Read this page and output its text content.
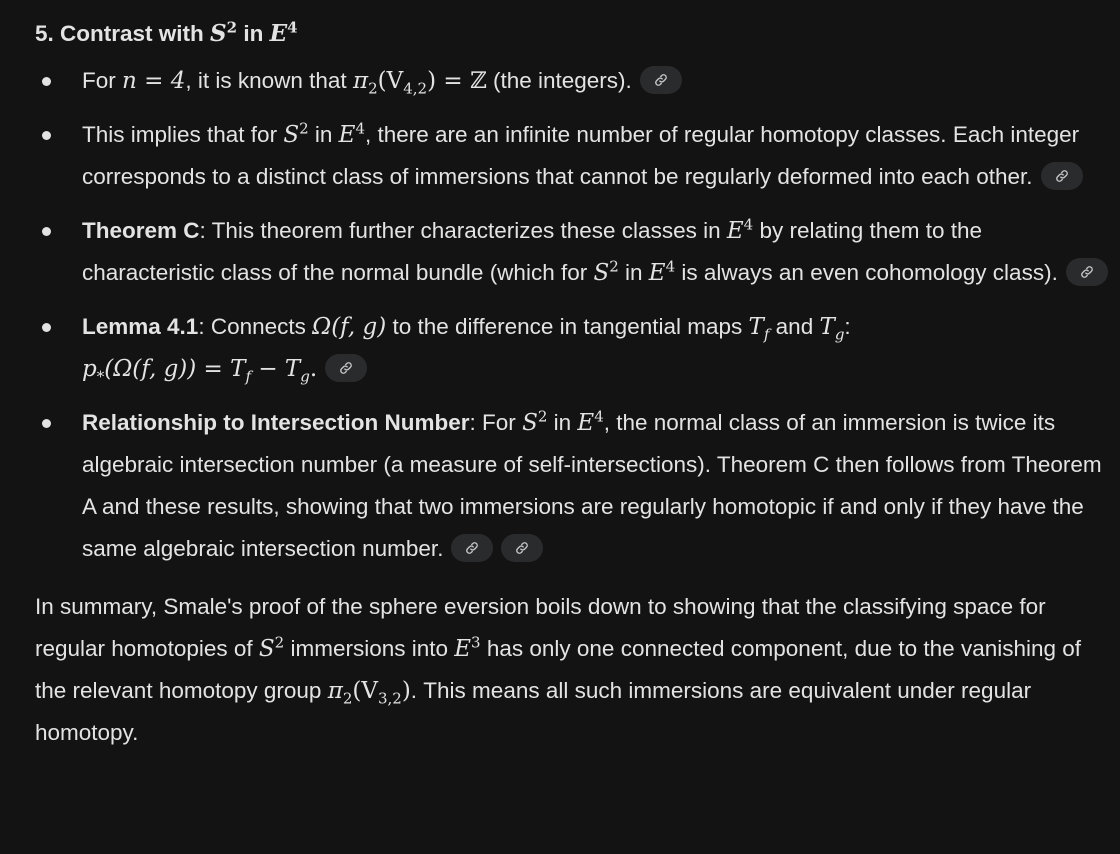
5. Contrast with $S^2$ in $E^4$
For n = 4, it is known that $\pi_2(V_{4,2})$ = ℤ (the integers).
This implies that for $S^2$ in $E^4$, there are an infinite number of regular homotopy classes. Each integer corresponds to a distinct class of immersions that cannot be regularly deformed into each other.
Theorem C: This theorem further characterizes these classes in $E^4$ by relating them to the characteristic class of the normal bundle (which for $S^2$ in $E^4$ is always an even cohomology class).
Lemma 4.1: Connects Ω(f, g) to the difference in tangential maps $T_f$ and $T_g$:
$p_*(\Omega(f$, $g)) = T_f - T_g$.
Relationship to Intersection Number: For $S^2$ in $E^4$, the normal class of an immersion is twice its algebraic intersection number (a measure of self-intersections). Theorem C then follows from Theorem A and these results, showing that two immersions are regularly homotopic if and only if they have the same algebraic intersection number.
In summary, Smale's proof of the sphere eversion boils down to showing that the classifying space for regular homotopies of $S^2$ immersions into $E^3$ has only one connected component, due to the vanishing of the relevant homotopy group $\pi_2(V_{3,2})$. This means all such immersions are equivalent under regular homotopy.
